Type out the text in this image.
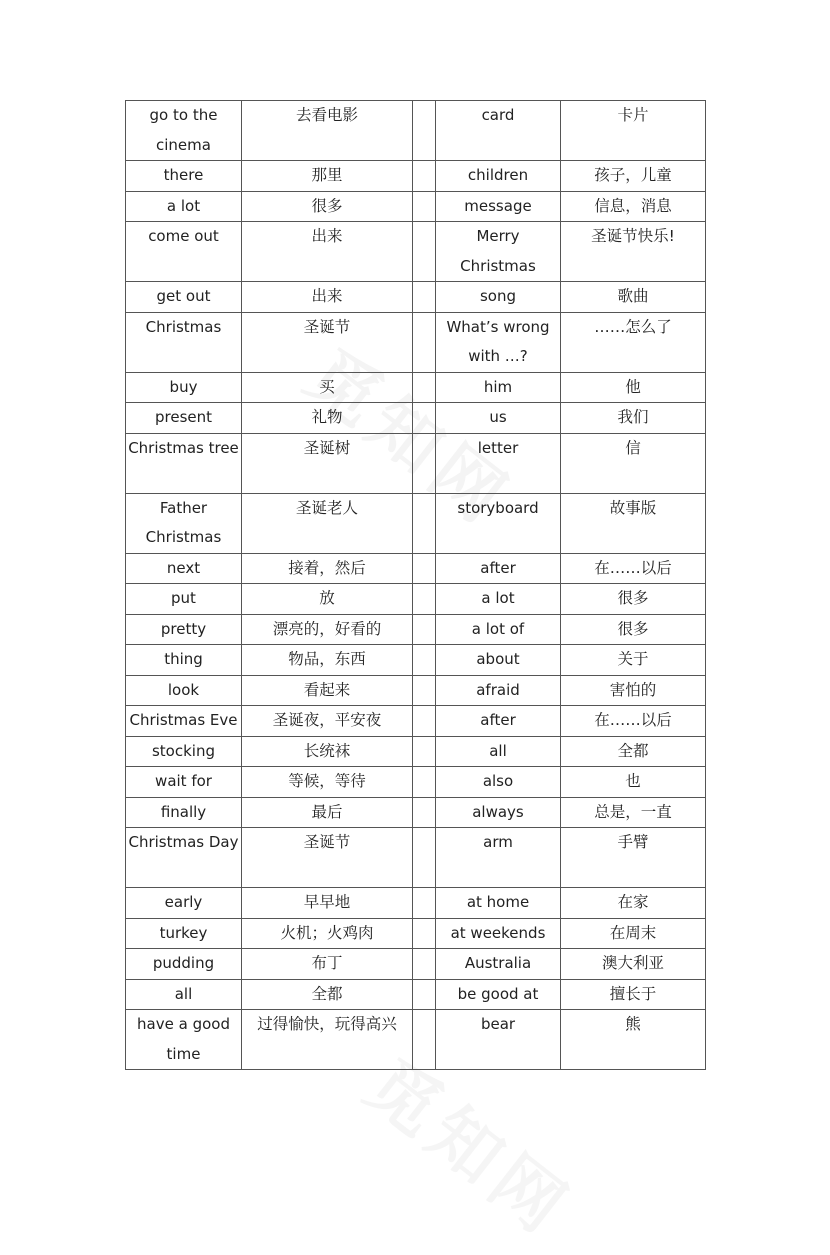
go to the cinema	去看电影		card	卡片
there	那里		children	孩子，儿童
a lot	很多		message	信息，消息
come out	出来		Merry Christmas	圣诞节快乐!
get out	出来		song	歌曲
Christmas	圣诞节		What’s wrong with …?	……怎么了
buy	买		him	他
present	礼物		us	我们
Christmas tree	圣诞树		letter	信
Father Christmas	圣诞老人		storyboard	故事版
next	接着，然后		after	在……以后
put	放		a lot	很多
pretty	漂亮的，好看的		a lot of	很多
thing	物品，东西		about	关于
look	看起来		afraid	害怕的
Christmas Eve	圣诞夜，平安夜		after	在……以后
stocking	长统袜		all	全都
wait for	等候，等待		also	也
finally	最后		always	总是，一直
Christmas Day	圣诞节		arm	手臂
early	早早地		at home	在家
turkey	火机；火鸡肉		at weekends	在周末
pudding	布丁		Australia	澳大利亚
all	全都		be good at	擅长于
have a good time	过得愉快，玩得高兴		bear	熊
